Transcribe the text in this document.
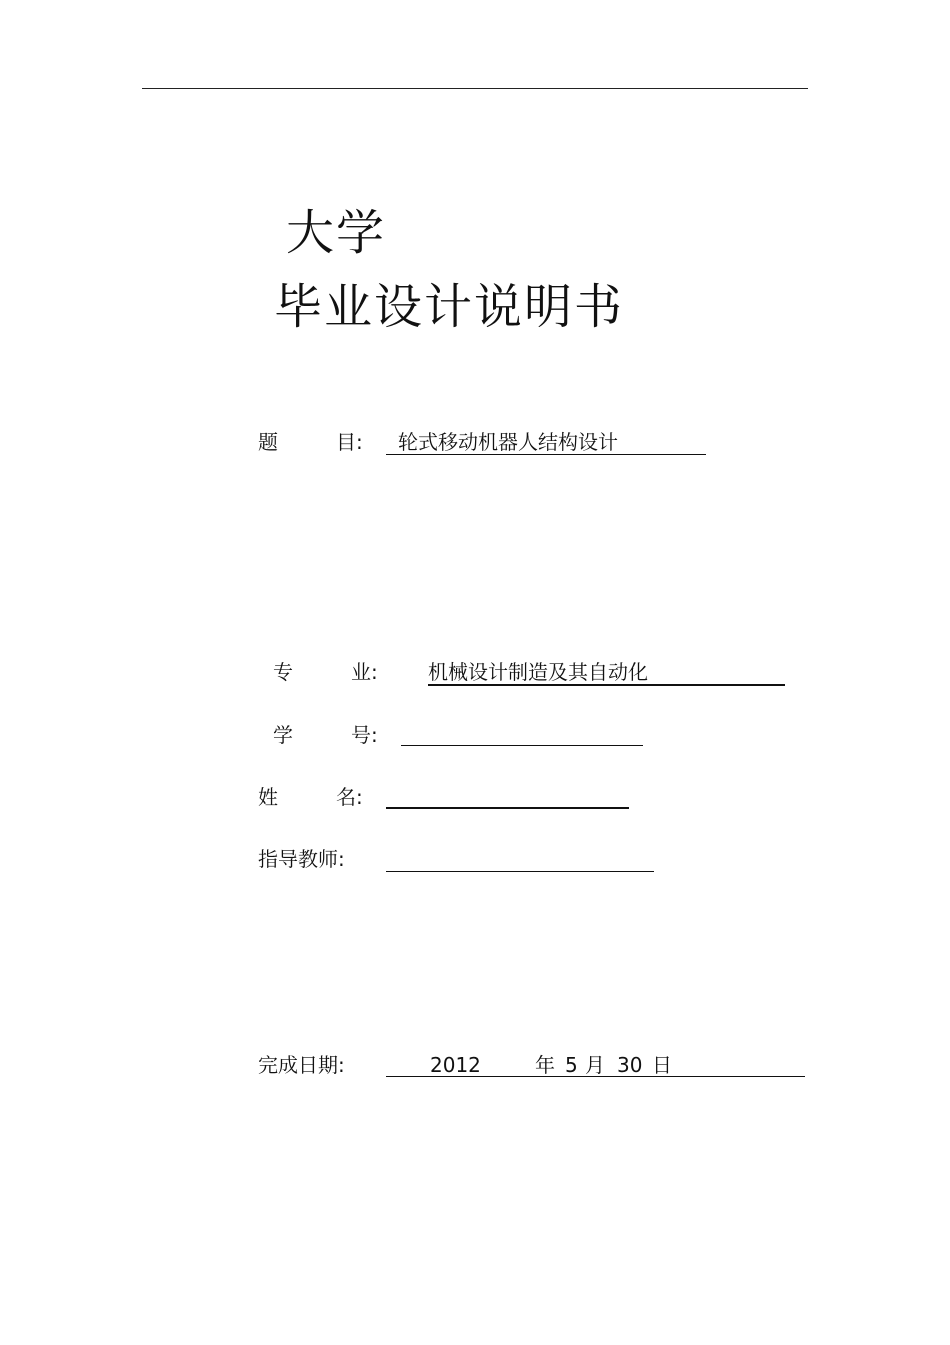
大学
毕业设计说明书
题	目: 轮式移动机器人结构设计
专	业:	机械设计制造及其自动化
学	号:
姓	名:
指导教师:
完成日期:	2012	年 5 月 30 日
